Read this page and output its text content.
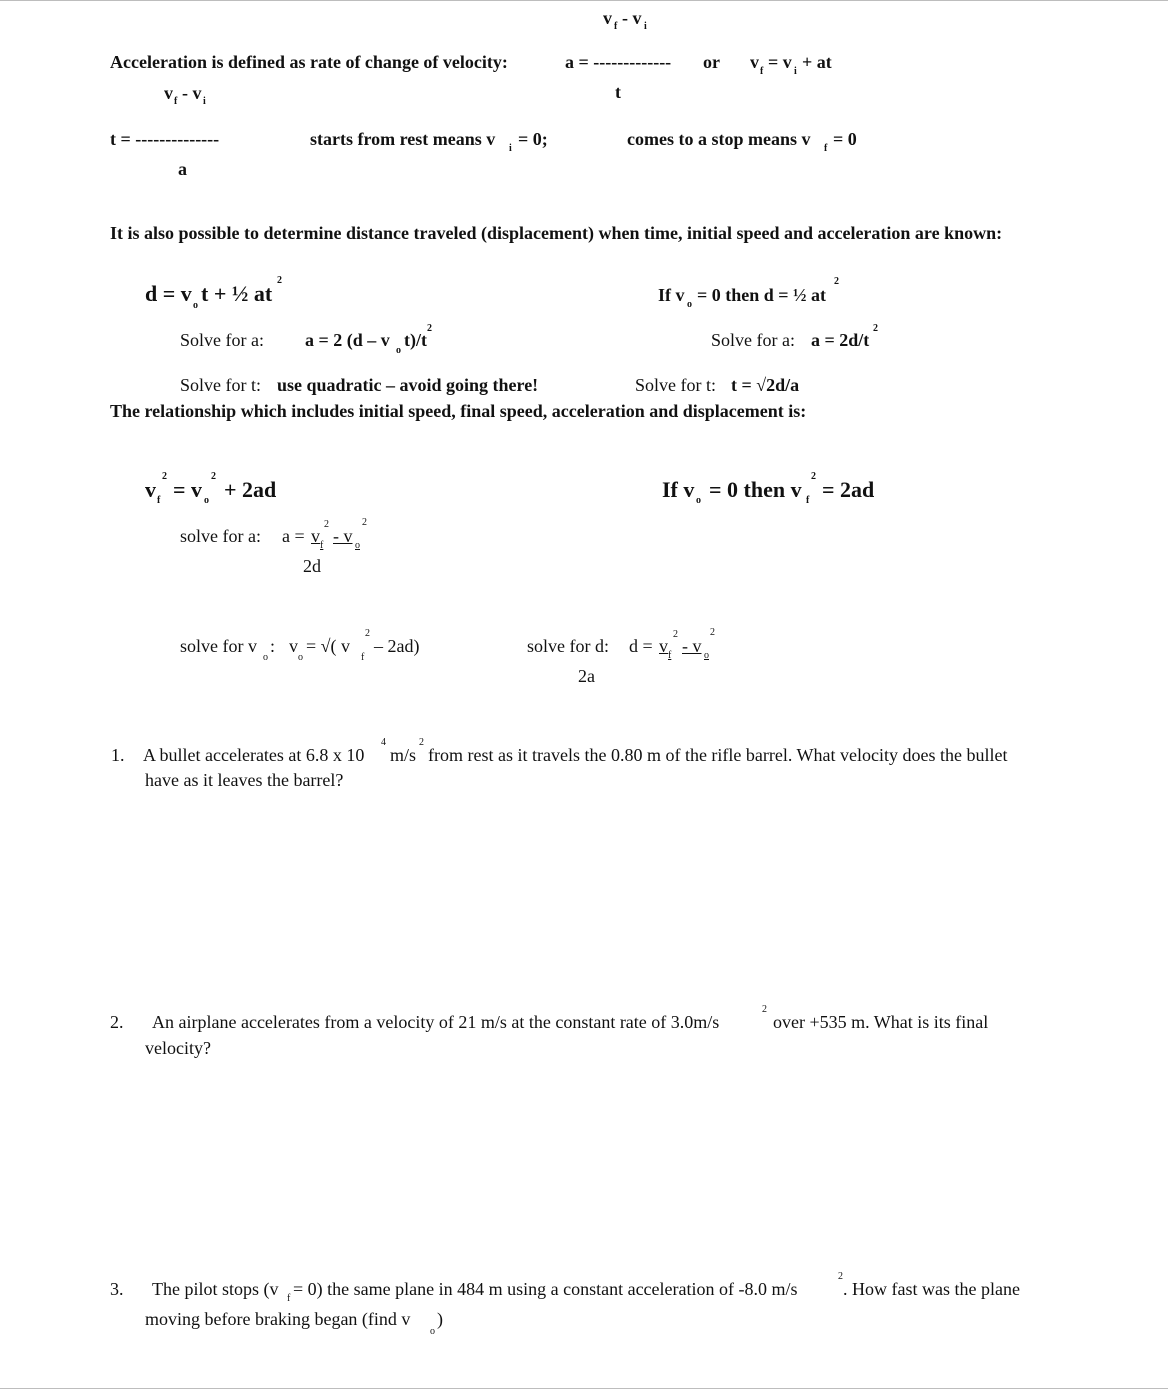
v f - v i
Acceleration is defined as rate of change of velocity:	a = -------------
t
or v f = v i + at
v f - v i
t = --------------
a
starts from rest means v i = 0;	comes to a stop means v f = 0
It is also possible to determine distance traveled (displacement) when time, initial speed and acceleration are known:
d = v o t + ½ at
2
If v o = 0 then d = ½ at
2
Solve for a: a = 2 (d – v
o
t)/t
2
Solve for a: a = 2d/t
2
Solve for t: use quadratic – avoid going there!	Solve for t: t = √2d/a
The relationship which includes initial speed, final speed, acceleration and displacement is:
v f
2
= v o
2
+ 2ad	If v o = 0 then v f
2
= 2ad
solve for a: a = v f
2
- v o
2
2d
solve for v
o
: v
o
= √( v
f
2
– 2ad)	solve for d: d = v f
2
- v o
2
2a
1. A bullet accelerates at 6.8 x 10
4
m/s
2
from rest as it travels the 0.80 m of the rifle barrel. What velocity does the bullet
have as it leaves the barrel?
2. An airplane accelerates from a velocity of 21 m/s at the constant rate of 3.0m/s
2
over +535 m. What is its final
velocity?
3. The pilot stops (v f = 0) the same plane in 484 m using a constant acceleration of -8.0 m/s
2
. How fast was the plane
moving before braking began (find v
o
)
